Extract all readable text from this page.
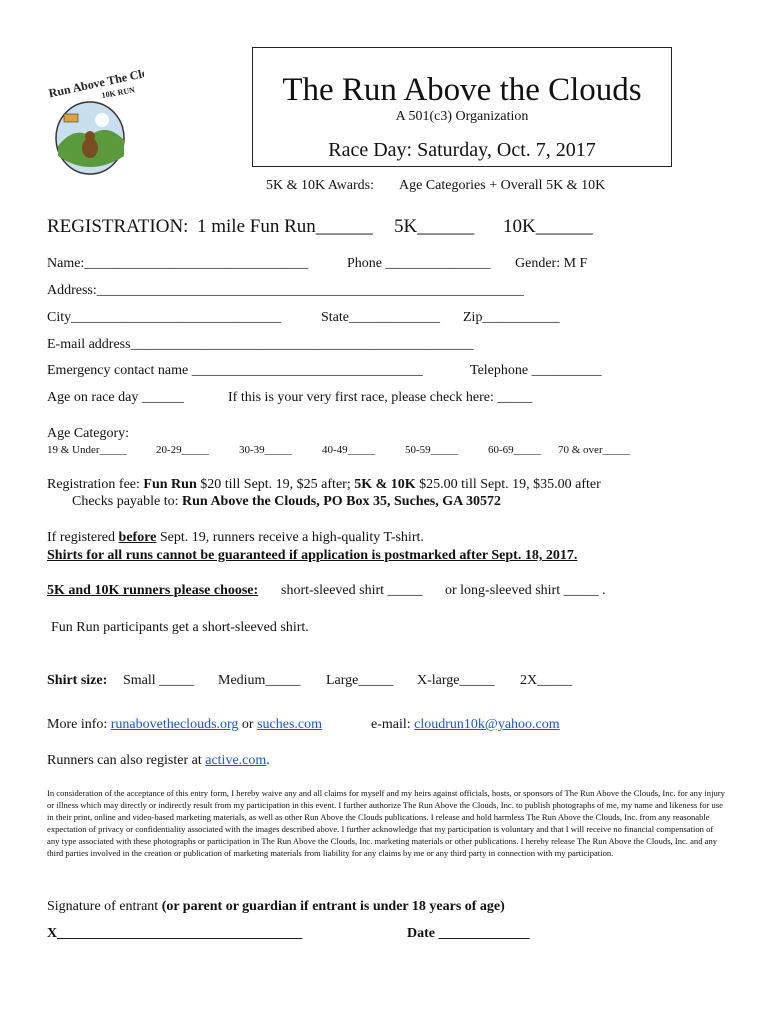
Run Above The Clouds
10K RUN	The Run Above the Clouds
A 501(c3) Organization
Race Day: Saturday, Oct. 7, 2017
5K & 10K Awards: Age Categories + Overall 5K & 10K
REGISTRATION: 1 mile Fun Run______ 5K______ 10K______
Name:________________________________	Phone _______________ Gender: M F
Address:_____________________________________________________________
City______________________________	State_____________ Zip___________
E-mail address_________________________________________________
Emergency contact name _________________________________	Telephone __________
Age on race day ______	If this is your very first race, please check here: _____
Age Category:
19 & Under_____	20-29_____	30-39_____	40-49_____	50-59_____	60-69_____ 70 & over_____
Registration fee: Fun Run $20 till Sept. 19, $25 after; 5K & 10K $25.00 till Sept. 19, $35.00 after
Checks payable to: Run Above the Clouds, PO Box 35, Suches, GA 30572
If registered before Sept. 19, runners receive a high-quality T-shirt.
Shirts for all runs cannot be guaranteed if application is postmarked after Sept. 18, 2017.
5K and 10K runners please choose: short-sleeved shirt _____ or long-sleeved shirt _____ .
Fun Run participants get a short-sleeved shirt.
Shirt size: Small _____ Medium_____ Large_____ X-large_____ 2X_____
More info: runabovetheclouds.org or suches.com	e-mail: cloudrun10k@yahoo.com
Runners can also register at active.com.
In consideration of the acceptance of this entry form, I hereby waive any and all claims for myself and my heirs against officials, hosts, or sponsors of The Run Above the Clouds, Inc. for any injury or illness which may directly or indirectly result from my participation in this event. I further authorize The Run Above the Clouds, Inc. to publish photographs of me, my name and likeness for use in their print, online and video-based marketing materials, as well as other Run Above the Clouds publications. I release and hold harmless The Run Above the Clouds, Inc. from any reasonable expectation of privacy or confidentiality associated with the images described above. I further acknowledge that my participation is voluntary and that I will receive no financial compensation of any type associated with these photographs or participation in The Run Above the Clouds, Inc. marketing materials or other publications. I hereby release The Run Above the Clouds, Inc. and any third parties involved in the creation or publication of marketing materials from liability for any claims by me or any third party in connection with my participation.
Signature of entrant (or parent or guardian if entrant is under 18 years of age)
X___________________________________	Date _____________
